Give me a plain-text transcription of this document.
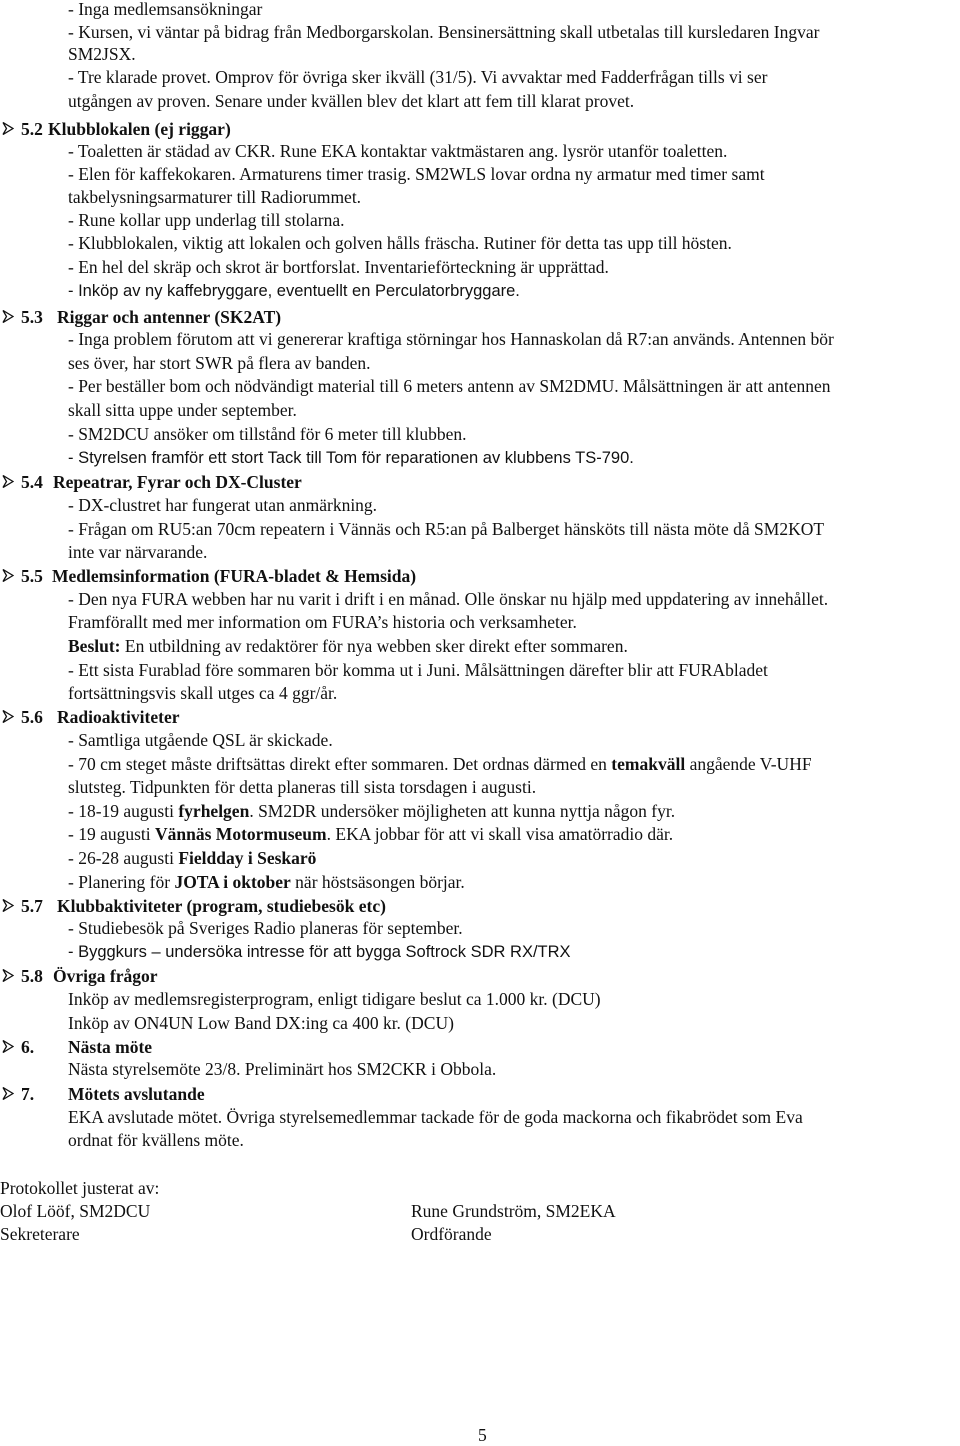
- Inga medlemsansökningar
- Kursen, vi väntar på bidrag från Medborgarskolan. Bensinersättning skall utbetalas till kursledaren Ingvar
SM2JSX.
- Tre klarade provet. Omprov för övriga sker ikväll (31/5). Vi avvaktar med Fadderfrågan tills vi ser
utgången av proven. Senare under kvällen blev det klart att fem till klarat provet.
5.2 Klubblokalen (ej riggar)
- Toaletten är städad av CKR. Rune EKA kontaktar vaktmästaren ang. lysrör utanför toaletten.
- Elen för kaffekokaren. Armaturens timer trasig. SM2WLS lovar ordna ny armatur med timer samt
takbelysningsarmaturer till Radiorummet.
- Rune kollar upp underlag till stolarna.
- Klubblokalen, viktig att lokalen och golven hålls fräscha. Rutiner för detta tas upp till hösten.
- En hel del skräp och skrot är bortforslat. Inventarieförteckning är upprättad.
- Inköp av ny kaffebryggare, eventuellt en Perculatorbryggare.
5.3 Riggar och antenner (SK2AT)
- Inga problem förutom att vi genererar kraftiga störningar hos Hannaskolan då R7:an används. Antennen bör
ses över, har stort SWR på flera av banden.
- Per beställer bom och nödvändigt material till 6 meters antenn av SM2DMU. Målsättningen är att antennen
skall sitta uppe under september.
- SM2DCU ansöker om tillstånd för 6 meter till klubben.
- Styrelsen framför ett stort Tack till Tom för reparationen av klubbens TS-790.
5.4 Repeatrar, Fyrar och DX-Cluster
- DX-clustret har fungerat utan anmärkning.
- Frågan om RU5:an 70cm repeatern i Vännäs och R5:an på Balberget hänsköts till nästa möte då SM2KOT
inte var närvarande.
5.5 Medlemsinformation (FURA-bladet & Hemsida)
- Den nya FURA webben har nu varit i drift i en månad. Olle önskar nu hjälp med uppdatering av innehållet.
Framförallt med mer information om FURA’s historia och verksamheter.
Beslut: En utbildning av redaktörer för nya webben sker direkt efter sommaren.
- Ett sista Furablad före sommaren bör komma ut i Juni. Målsättningen därefter blir att FURAbladet
fortsättningsvis skall utges ca 4 ggr/år.
5.6 Radioaktiviteter
- Samtliga utgående QSL är skickade.
- 70 cm steget måste driftsättas direkt efter sommaren. Det ordnas därmed en temakväll angående V-UHF
slutsteg. Tidpunkten för detta planeras till sista torsdagen i augusti.
- 18-19 augusti fyrhelgen. SM2DR undersöker möjligheten att kunna nyttja någon fyr.
- 19 augusti Vännäs Motormuseum. EKA jobbar för att vi skall visa amatörradio där.
- 26-28 augusti Fieldday i Seskarö
- Planering för JOTA i oktober när höstsäsongen börjar.
5.7 Klubbaktiviteter (program, studiebesök etc)
- Studiebesök på Sveriges Radio planeras för september.
- Byggkurs – undersöka intresse för att bygga Softrock SDR RX/TRX
5.8 Övriga frågor
Inköp av medlemsregisterprogram, enligt tidigare beslut ca 1.000 kr. (DCU)
Inköp av ON4UN Low Band DX:ing ca 400 kr. (DCU)
6. Nästa möte
Nästa styrelsemöte 23/8. Preliminärt hos SM2CKR i Obbola.
7. Mötets avslutande
EKA avslutade mötet. Övriga styrelsemedlemmar tackade för de goda mackorna och fikabrödet som Eva
ordnat för kvällens möte.
Protokollet justerat av:
Olof Lööf, SM2DCU
Sekreterare
Rune Grundström, SM2EKA
Ordförande
5
